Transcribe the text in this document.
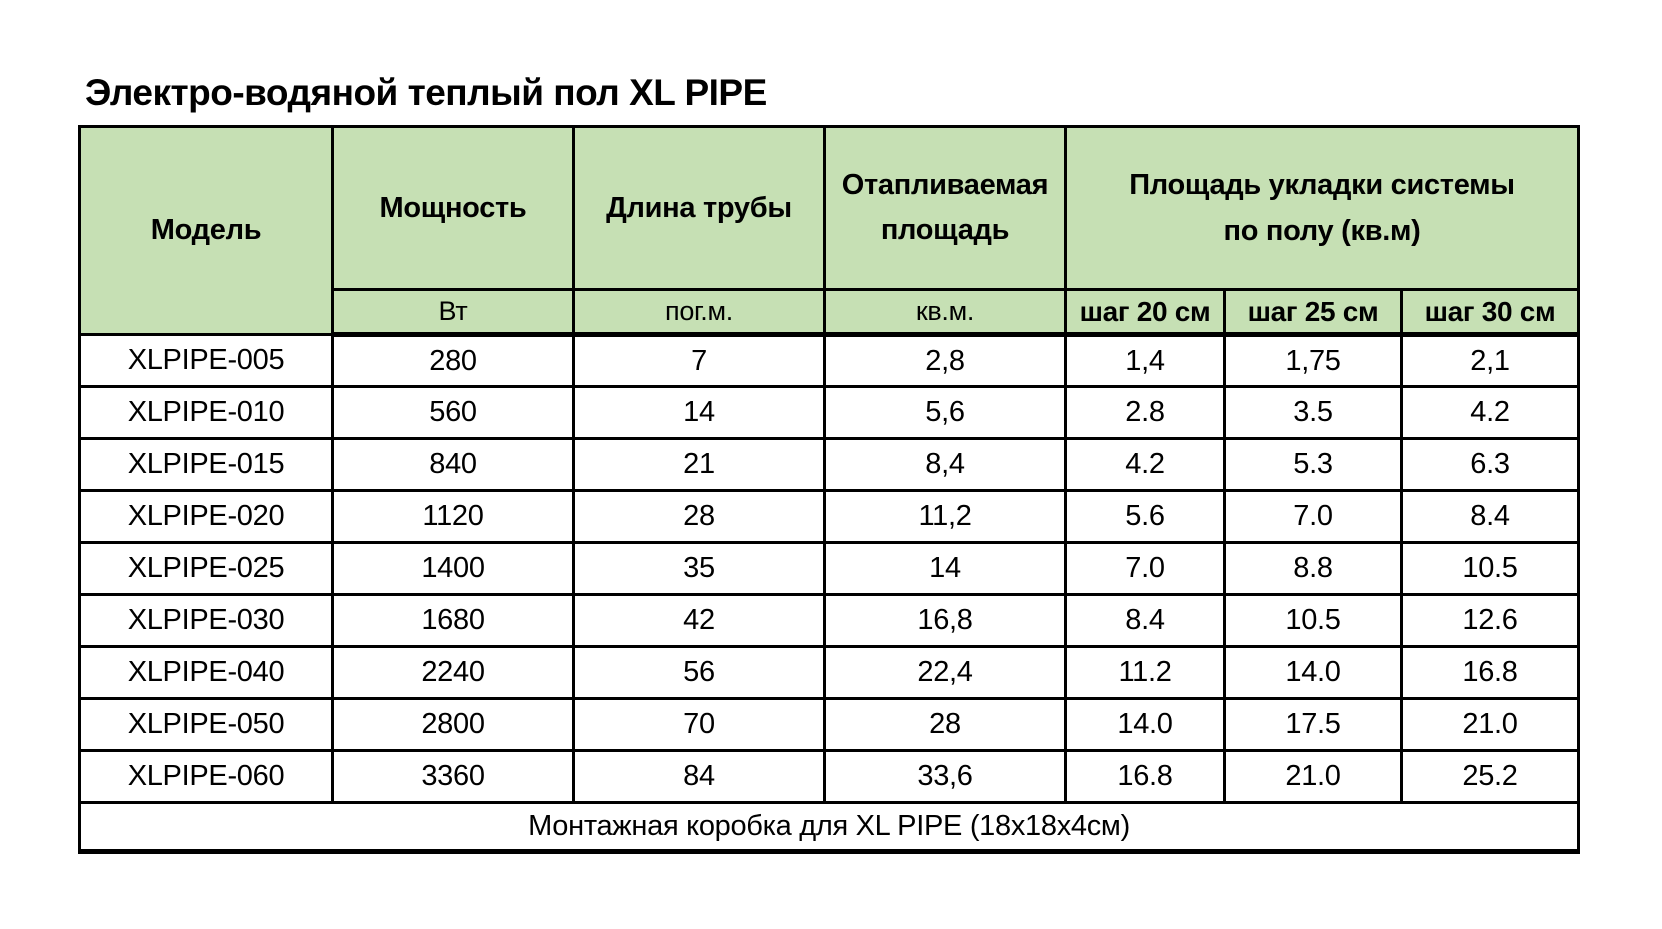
Электро-водяной теплый пол XL PIPE
Модель	Мощность	Длина трубы	Отапливаемая площадь	Площадь укладки системы
по полу (кв.м)		

	Вт	пог.м.	кв.м.	шаг 20 см	шаг 25 см	шаг 30 см
XLPIPE-005	280	7	2,8	1,4	1,75	2,1
XLPIPE-010	560	14	5,6	2.8	3.5	4.2
XLPIPE-015	840	21	8,4	4.2	5.3	6.3
XLPIPE-020	1120	28	11,2	5.6	7.0	8.4
XLPIPE-025	1400	35	14	7.0	8.8	10.5
XLPIPE-030	1680	42	16,8	8.4	10.5	12.6
XLPIPE-040	2240	56	22,4	11.2	14.0	16.8
XLPIPE-050	2800	70	28	14.0	17.5	21.0
XLPIPE-060	3360	84	33,6	16.8	21.0	25.2
Монтажная коробка для XL PIPE (18x18x4см)						
